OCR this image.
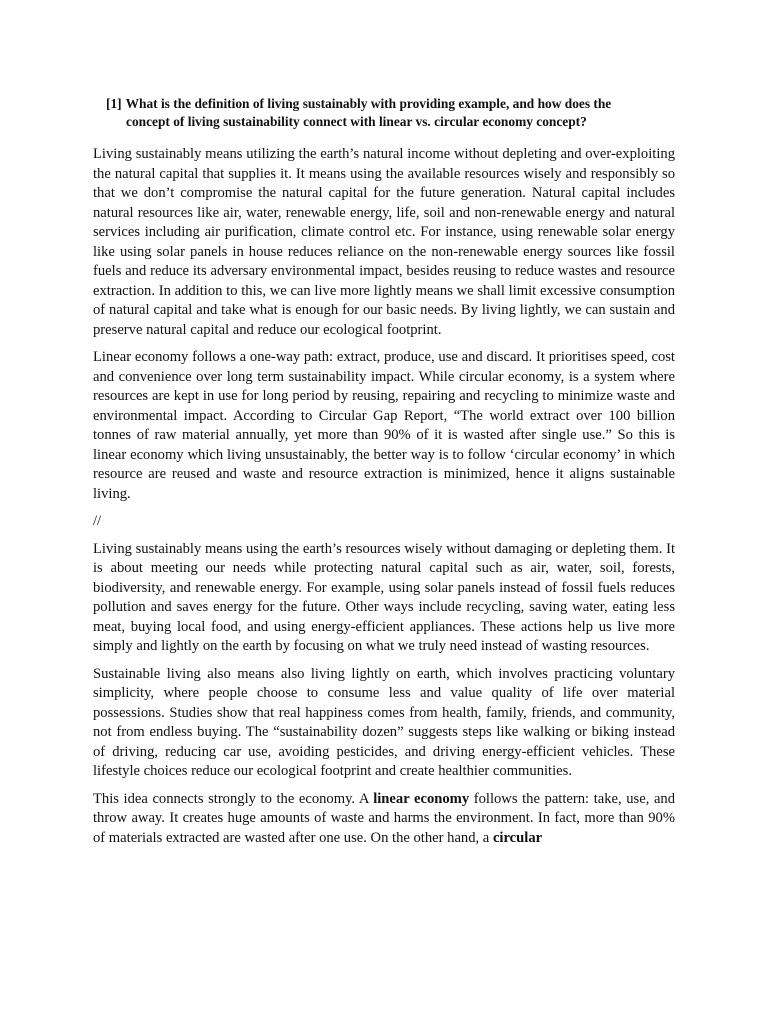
[1] What is the definition of living sustainably with providing example, and how does the
concept of living sustainability connect with linear vs. circular economy concept?

Living sustainably means utilizing the earth’s natural income without depleting and over-exploiting the natural capital that supplies it. It means using the available resources wisely and responsibly so that we don’t compromise the natural capital for the future generation. Natural capital includes natural resources like air, water, renewable energy, life, soil and non-renewable energy and natural services including air purification, climate control etc. For instance, using renewable solar energy like using solar panels in house reduces reliance on the non-renewable energy sources like fossil fuels and reduce its adversary environmental impact, besides reusing to reduce wastes and resource extraction. In addition to this, we can live more lightly means we shall limit excessive consumption of natural capital and take what is enough for our basic needs. By living lightly, we can sustain and preserve natural capital and reduce our ecological footprint.

Linear economy follows a one-way path: extract, produce, use and discard. It prioritises speed, cost and convenience over long term sustainability impact. While circular economy, is a system where resources are kept in use for long period by reusing, repairing and recycling to minimize waste and environmental impact. According to Circular Gap Report, “The world extract over 100 billion tonnes of raw material annually, yet more than 90% of it is wasted after single use.” So this is linear economy which living unsustainably, the better way is to follow ‘circular economy’ in which resource are reused and waste and resource extraction is minimized, hence it aligns sustainable living.

//

Living sustainably means using the earth’s resources wisely without damaging or depleting them. It is about meeting our needs while protecting natural capital such as air, water, soil, forests, biodiversity, and renewable energy. For example, using solar panels instead of fossil fuels reduces pollution and saves energy for the future. Other ways include recycling, saving water, eating less meat, buying local food, and using energy-efficient appliances. These actions help us live more simply and lightly on the earth by focusing on what we truly need instead of wasting resources.

Sustainable living also means also living lightly on earth, which involves practicing voluntary simplicity, where people choose to consume less and value quality of life over material possessions. Studies show that real happiness comes from health, family, friends, and community, not from endless buying. The “sustainability dozen” suggests steps like walking or biking instead of driving, reducing car use, avoiding pesticides, and driving energy-efficient vehicles. These lifestyle choices reduce our ecological footprint and create healthier communities.

This idea connects strongly to the economy. A linear economy follows the pattern: take, use, and throw away. It creates huge amounts of waste and harms the environment. In fact, more than 90% of materials extracted are wasted after one use. On the other hand, a circular
